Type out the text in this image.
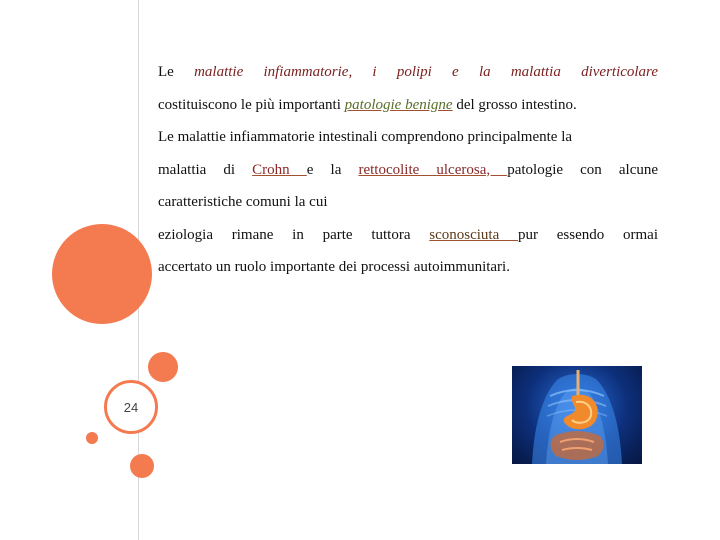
24
Le malattie infiammatorie, i polipi e la malattia diverticolare
costituiscono le più importanti patologie benigne del grosso intestino.
Le malattie infiammatorie intestinali comprendono principalmente la
malattia di Crohn e la rettocolite ulcerosa, patologie con alcune
caratteristiche comuni la cui
eziologia rimane in parte tuttora sconosciuta pur essendo ormai
accertato un ruolo importante dei processi autoimmunitari.
